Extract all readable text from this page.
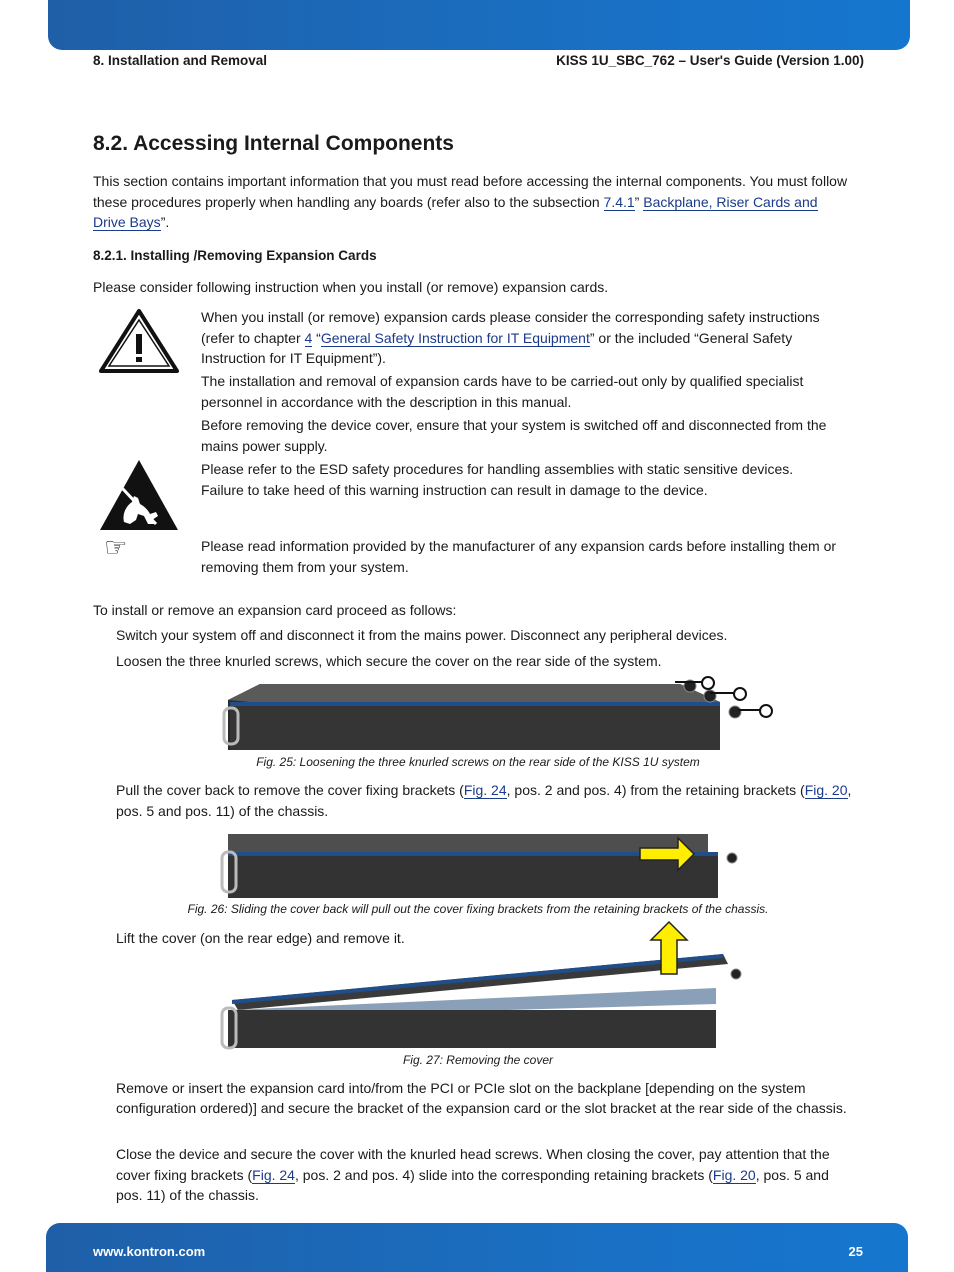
8. Installation and Removal	KISS 1U_SBC_762 – User's Guide (Version 1.00)
8.2. Accessing Internal Components
This section contains important information that you must read before accessing the internal components. You must follow these procedures properly when handling any boards (refer also to the subsection 7.4.1” Backplane, Riser Cards and Drive Bays”.
8.2.1. Installing /Removing Expansion Cards
Please consider following instruction when you install (or remove) expansion cards.
When you install (or remove) expansion cards please consider the corresponding safety instructions (refer to chapter 4 “General Safety Instruction for IT Equipment” or the included “General Safety Instruction for IT Equipment”).
The installation and removal of expansion cards have to be carried-out only by qualified specialist personnel in accordance with the description in this manual.
Before removing the device cover, ensure that your system is switched off and disconnected from the mains power supply.
Please refer to the ESD safety procedures for handling assemblies with static sensitive devices.
Failure to take heed of this warning instruction can result in damage to the device.
☞	Please read information provided by the manufacturer of any expansion cards before installing them or removing them from your system.
To install or remove an expansion card proceed as follows:
Switch your system off and disconnect it from the mains power. Disconnect any peripheral devices.
Loosen the three knurled screws, which secure the cover on the rear side of the system.
Fig. 25: Loosening the three knurled screws on the rear side of the KISS 1U system
Pull the cover back to remove the cover fixing brackets (Fig. 24, pos. 2 and pos. 4) from the retaining brackets (Fig. 20, pos. 5 and pos. 11) of the chassis.
Fig. 26: Sliding the cover back will pull out the cover fixing brackets from the retaining brackets of the chassis.
Lift the cover (on the rear edge) and remove it.
Fig. 27: Removing the cover
Remove or insert the expansion card into/from the PCI or PCIe slot on the backplane [depending on the system configuration ordered)] and secure the bracket of the expansion card or the slot bracket at the rear side of the chassis.
Close the device and secure the cover with the knurled head screws. When closing the cover, pay attention that the cover fixing brackets (Fig. 24, pos. 2 and pos. 4) slide into the corresponding retaining brackets (Fig. 20, pos. 5 and pos. 11) of the chassis.
www.kontron.com	25
